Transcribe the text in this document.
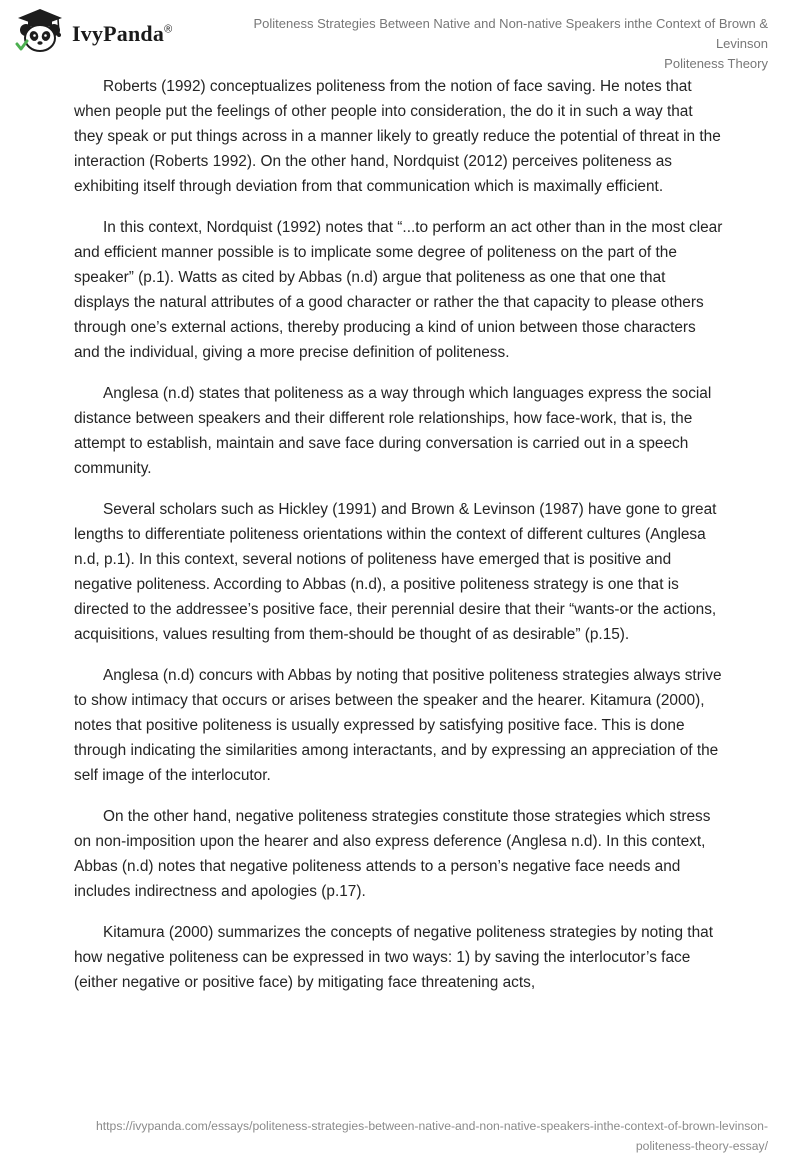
IvyPanda®	Politeness Strategies Between Native and Non-native Speakers inthe Context of Brown & Levinson
Politeness Theory

Roberts (1992) conceptualizes politeness from the notion of face saving. He notes that when people put the feelings of other people into consideration, the do it in such a way that they speak or put things across in a manner likely to greatly reduce the potential of threat in the interaction (Roberts 1992). On the other hand, Nordquist (2012) perceives politeness as exhibiting itself through deviation from that communication which is maximally efficient.

In this context, Nordquist (1992) notes that “...to perform an act other than in the most clear and efficient manner possible is to implicate some degree of politeness on the part of the speaker” (p.1). Watts as cited by Abbas (n.d) argue that politeness as one that one that displays the natural attributes of a good character or rather the that capacity to please others through one’s external actions, thereby producing a kind of union between those characters and the individual, giving a more precise definition of politeness.

Anglesa (n.d) states that politeness as a way through which languages express the social distance between speakers and their different role relationships, how face-work, that is, the attempt to establish, maintain and save face during conversation is carried out in a speech community.

Several scholars such as Hickley (1991) and Brown & Levinson (1987) have gone to great lengths to differentiate politeness orientations within the context of different cultures (Anglesa n.d, p.1). In this context, several notions of politeness have emerged that is positive and negative politeness. According to Abbas (n.d), a positive politeness strategy is one that is directed to the addressee’s positive face, their perennial desire that their “wants-or the actions, acquisitions, values resulting from them-should be thought of as desirable” (p.15).

Anglesa (n.d) concurs with Abbas by noting that positive politeness strategies always strive to show intimacy that occurs or arises between the speaker and the hearer. Kitamura (2000), notes that positive politeness is usually expressed by satisfying positive face. This is done through indicating the similarities among interactants, and by expressing an appreciation of the self image of the interlocutor.

On the other hand, negative politeness strategies constitute those strategies which stress on non-imposition upon the hearer and also express deference (Anglesa n.d). In this context, Abbas (n.d) notes that negative politeness attends to a person’s negative face needs and includes indirectness and apologies (p.17).

Kitamura (2000) summarizes the concepts of negative politeness strategies by noting that how negative politeness can be expressed in two ways: 1) by saving the interlocutor’s face (either negative or positive face) by mitigating face threatening acts,

https://ivypanda.com/essays/politeness-strategies-between-native-and-non-native-speakers-inthe-context-of-brown-levinson-
politeness-theory-essay/
